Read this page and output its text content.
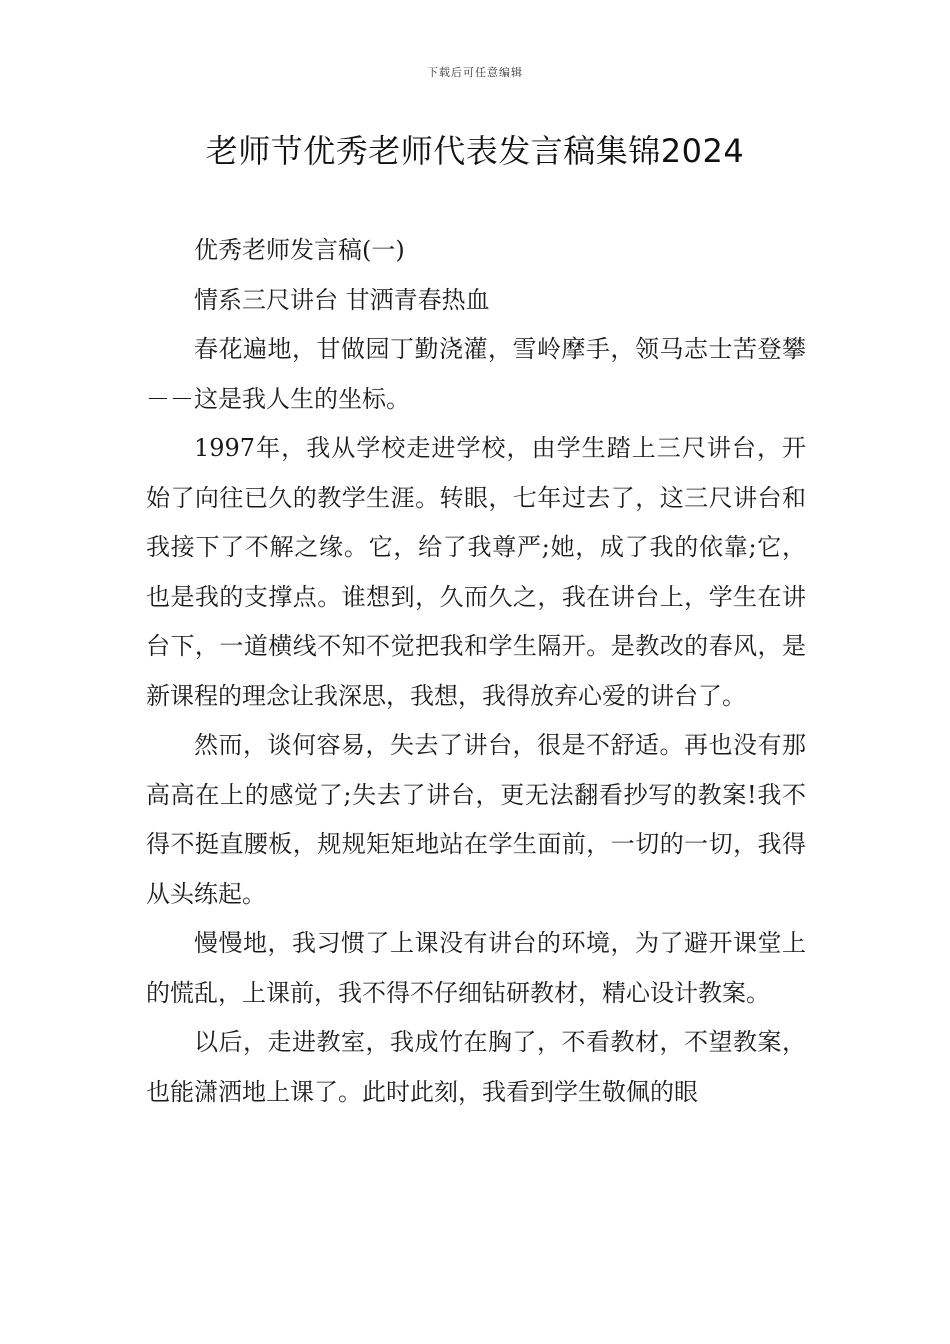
下载后可任意编辑
老师节优秀老师代表发言稿集锦2024

优秀老师发言稿(一)

情系三尺讲台 甘洒青春热血

春花遍地，甘做园丁勤浇灌，雪岭摩手，领马志士苦登攀－－这是我人生的坐标。

1997年，我从学校走进学校，由学生踏上三尺讲台，开始了向往已久的教学生涯。转眼，七年过去了，这三尺讲台和我接下了不解之缘。它，给了我尊严;她，成了我的依靠;它，也是我的支撑点。谁想到，久而久之，我在讲台上，学生在讲台下，一道横线不知不觉把我和学生隔开。是教改的春风，是新课程的理念让我深思，我想，我得放弃心爱的讲台了。

然而，谈何容易，失去了讲台，很是不舒适。再也没有那高高在上的感觉了;失去了讲台，更无法翻看抄写的教案!我不得不挺直腰板，规规矩矩地站在学生面前，一切的一切，我得从头练起。

慢慢地，我习惯了上课没有讲台的环境，为了避开课堂上的慌乱，上课前，我不得不仔细钻研教材，精心设计教案。

以后，走进教室，我成竹在胸了，不看教材，不望教案，也能潇洒地上课了。此时此刻，我看到学生敬佩的眼
